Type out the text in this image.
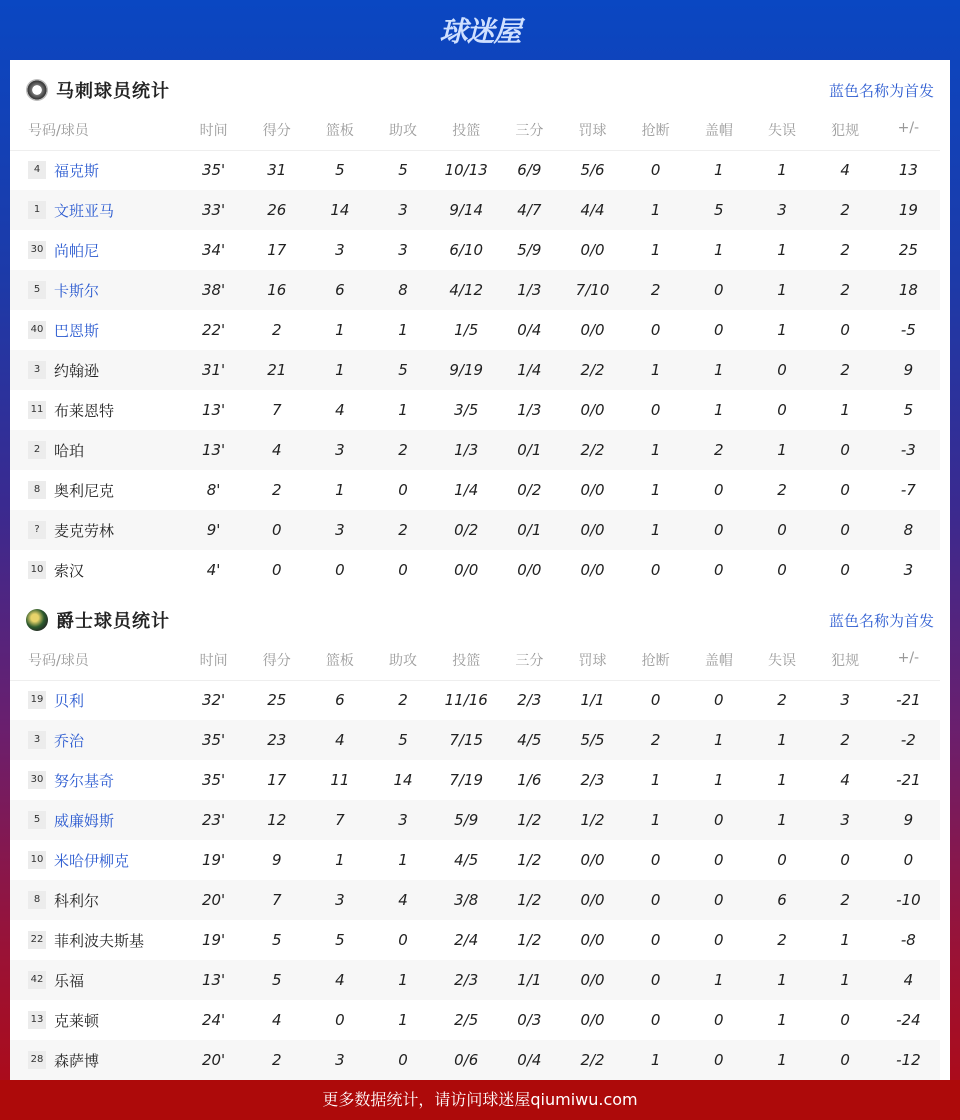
球迷屋
马刺球员统计	蓝色名称为首发
号码/球员	时间	得分	篮板	助攻	投篮	三分	罚球	抢断	盖帽	失误	犯规	+/-
4 福克斯	35'	31	5	5	10/13	6/9	5/6	0	1	1	4	13
1 文班亚马	33'	26	14	3	9/14	4/7	4/4	1	5	3	2	19
30 尚帕尼	34'	17	3	3	6/10	5/9	0/0	1	1	1	2	25
5 卡斯尔	38'	16	6	8	4/12	1/3	7/10	2	0	1	2	18
40 巴恩斯	22'	2	1	1	1/5	0/4	0/0	0	0	1	0	-5
3 约翰逊	31'	21	1	5	9/19	1/4	2/2	1	1	0	2	9
11 布莱恩特	13'	7	4	1	3/5	1/3	0/0	0	1	0	1	5
2 哈珀	13'	4	3	2	1/3	0/1	2/2	1	2	1	0	-3
8 奥利尼克	8'	2	1	0	1/4	0/2	0/0	1	0	2	0	-7
? 麦克劳林	9'	0	3	2	0/2	0/1	0/0	1	0	0	0	8
10 索汉	4'	0	0	0	0/0	0/0	0/0	0	0	0	0	3
爵士球员统计	蓝色名称为首发
号码/球员	时间	得分	篮板	助攻	投篮	三分	罚球	抢断	盖帽	失误	犯规	+/-
19 贝利	32'	25	6	2	11/16	2/3	1/1	0	0	2	3	-21
3 乔治	35'	23	4	5	7/15	4/5	5/5	2	1	1	2	-2
30 努尔基奇	35'	17	11	14	7/19	1/6	2/3	1	1	1	4	-21
5 威廉姆斯	23'	12	7	3	5/9	1/2	1/2	1	0	1	3	9
10 米哈伊柳克	19'	9	1	1	4/5	1/2	0/0	0	0	0	0	0
8 科利尔	20'	7	3	4	3/8	1/2	0/0	0	0	6	2	-10
22 菲利波夫斯基	19'	5	5	0	2/4	1/2	0/0	0	0	2	1	-8
42 乐福	13'	5	4	1	2/3	1/1	0/0	0	1	1	1	4
13 克莱顿	24'	4	0	1	2/5	0/3	0/0	0	0	1	0	-24
28 森萨博	20'	2	3	0	0/6	0/4	2/2	1	0	1	0	-12
更多数据统计，请访问球迷屋qiumiwu.com
